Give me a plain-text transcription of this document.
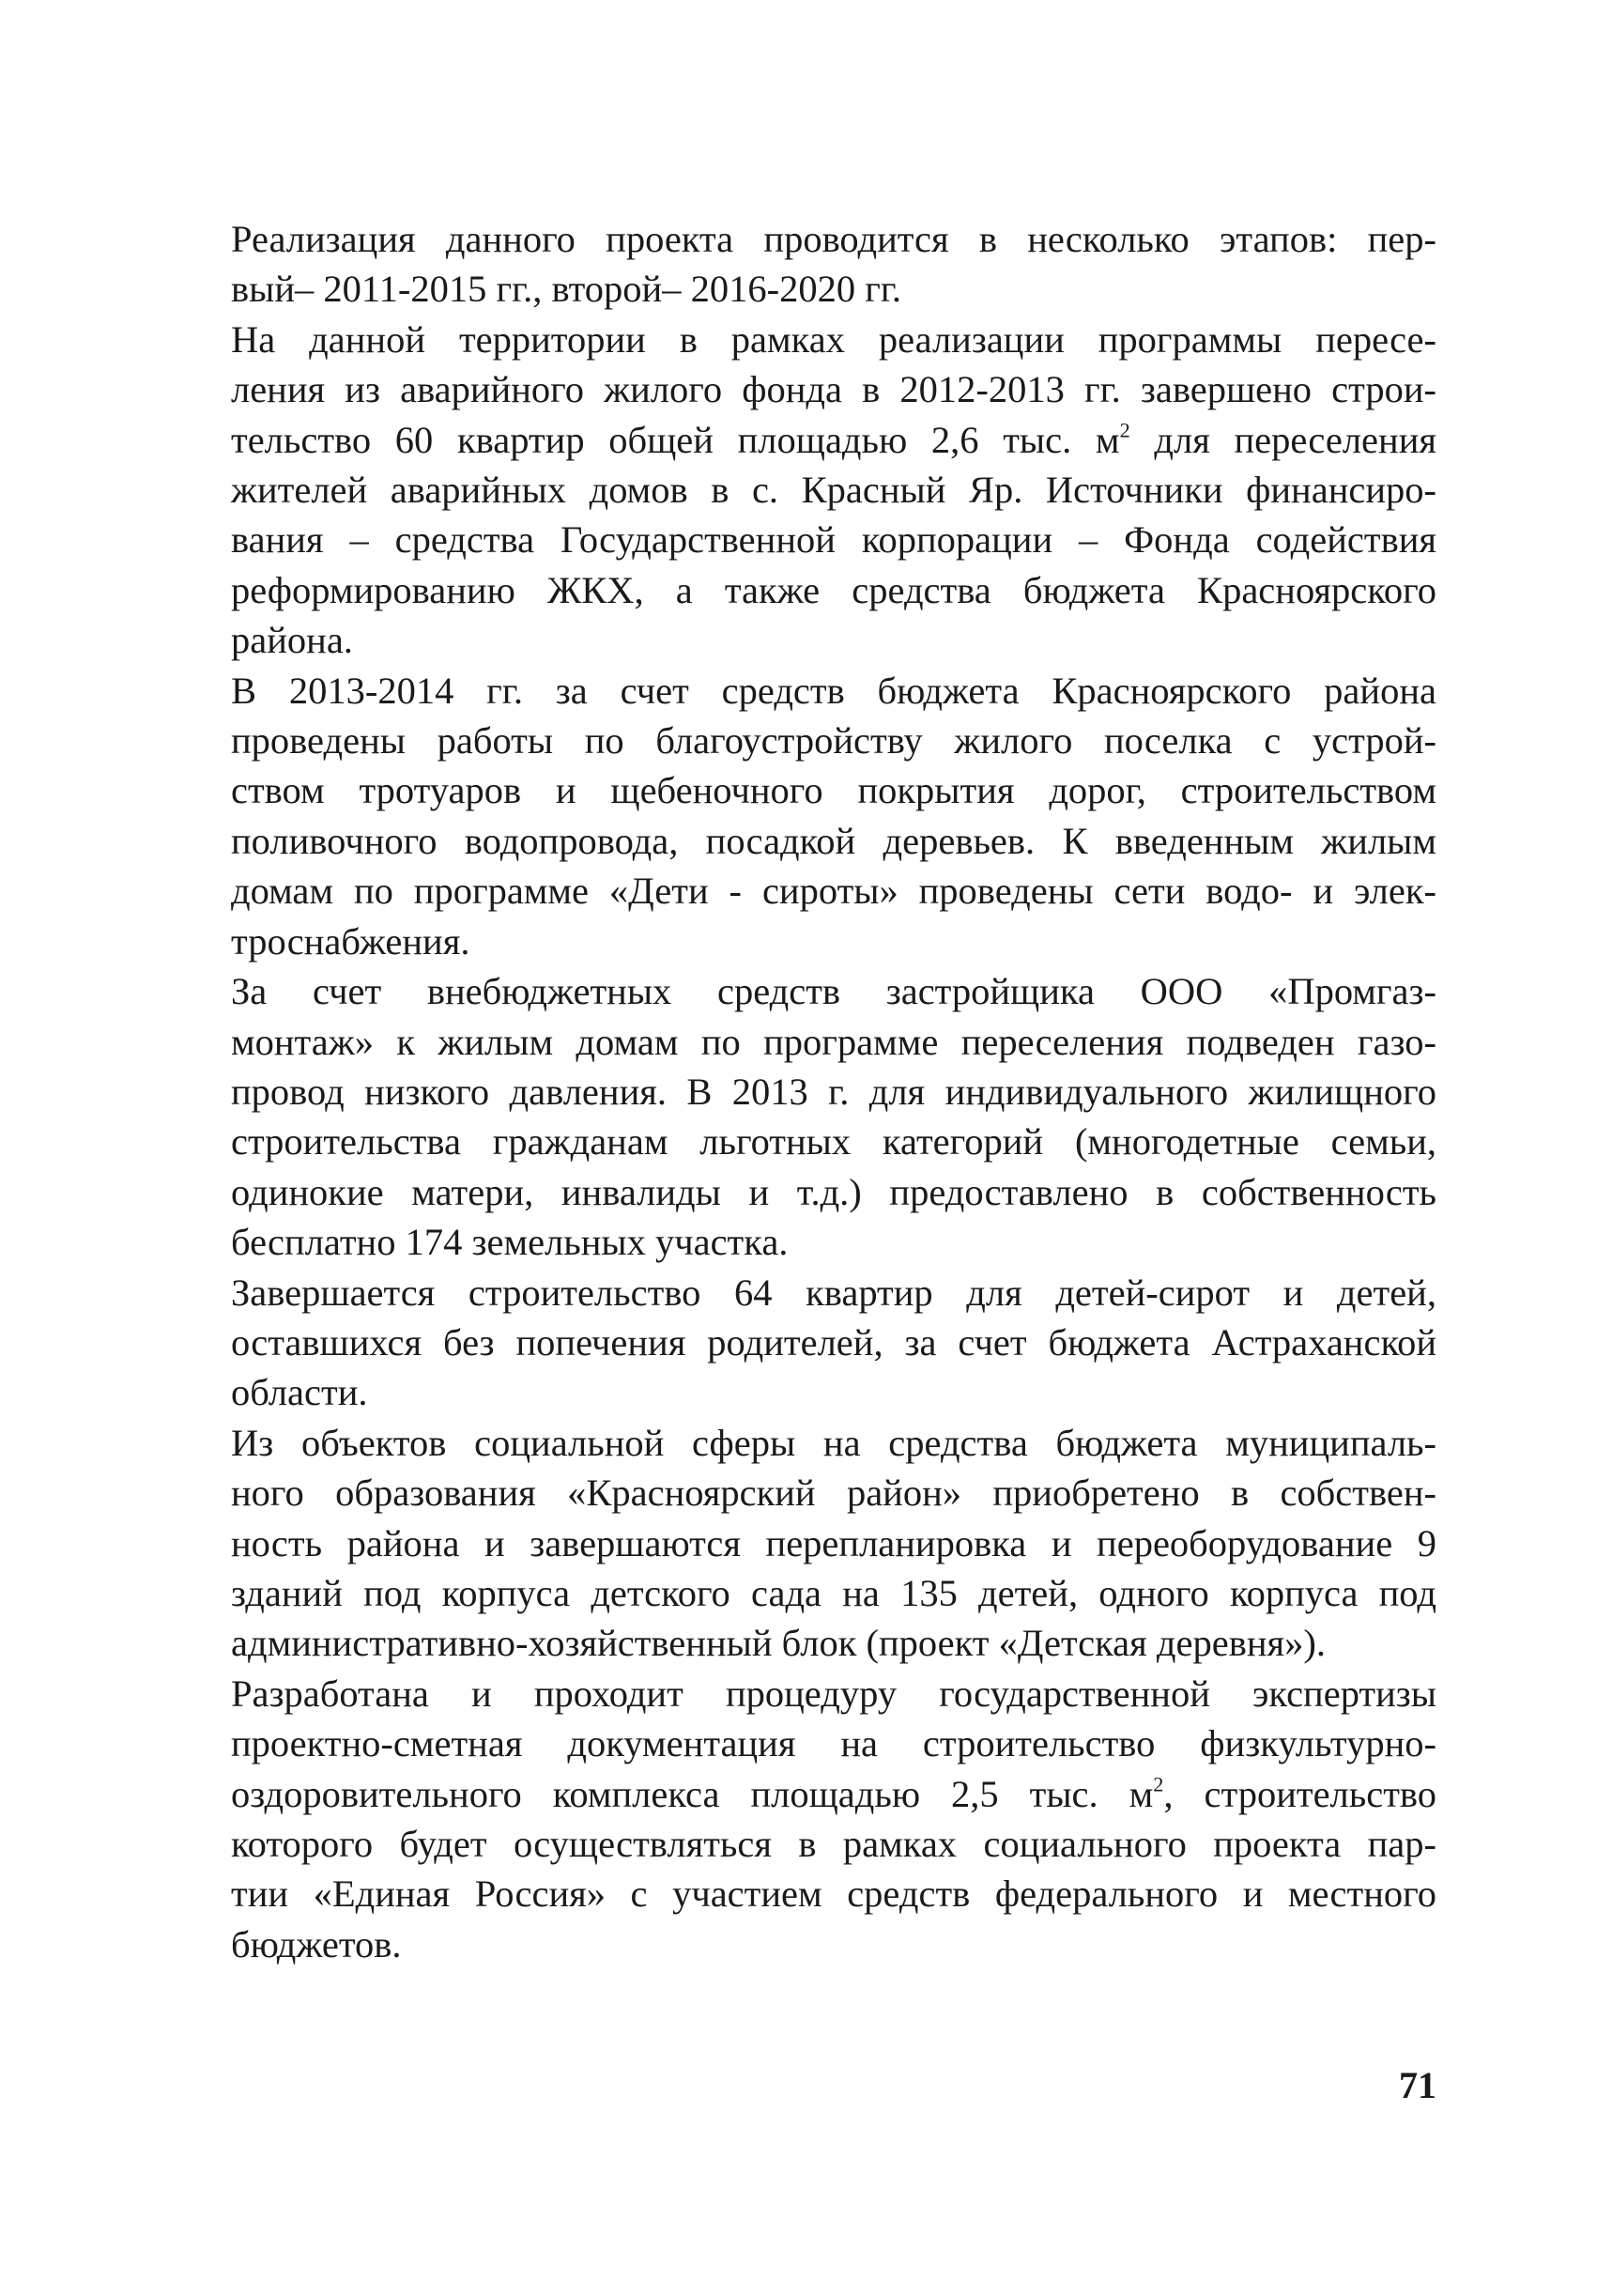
Реализация данного проекта проводится в несколько этапов: пер-
вый– 2011-2015 гг., второй– 2016-2020 гг.

На данной территории в рамках реализации программы пересе-
ления из аварийного жилого фонда в 2012-2013 гг. завершено строи-
тельство 60 квартир общей площадью 2,6 тыс. $м^2$ для переселения
жителей аварийных домов в с. Красный Яр. Источники финансиро-
вания – средства Государственной корпорации – Фонда содействия
реформированию ЖКХ, а также средства бюджета Красноярского
района.

В 2013-2014 гг. за счет средств бюджета Красноярского района
проведены работы по благоустройству жилого поселка с устрой-
ством тротуаров и щебеночного покрытия дорог, строительством
поливочного водопровода, посадкой деревьев. К введенным жилым
домам по программе «Дети - сироты» проведены сети водо- и элек-
троснабжения.

За счет внебюджетных средств застройщика ООО «Промгаз-
монтаж» к жилым домам по программе переселения подведен газо-
провод низкого давления. В 2013 г. для индивидуального жилищного
строительства гражданам льготных категорий (многодетные семьи,
одинокие матери, инвалиды и т.д.) предоставлено в собственность
бесплатно 174 земельных участка.

Завершается строительство 64 квартир для детей-сирот и детей,
оставшихся без попечения родителей, за счет бюджета Астраханской
области.

Из объектов социальной сферы на средства бюджета муниципаль-
ного образования «Красноярский район» приобретено в собствен-
ность района и завершаются перепланировка и переоборудование 9
зданий под корпуса детского сада на 135 детей, одного корпуса под
административно-хозяйственный блок (проект «Детская деревня»).

Разработана и проходит процедуру государственной экспертизы
проектно-сметная документация на строительство физкультурно-
оздоровительного комплекса площадью 2,5 тыс. $м^2$, строительство
которого будет осуществляться в рамках социального проекта пар-
тии «Единая Россия» с участием средств федерального и местного
бюджетов.

71
